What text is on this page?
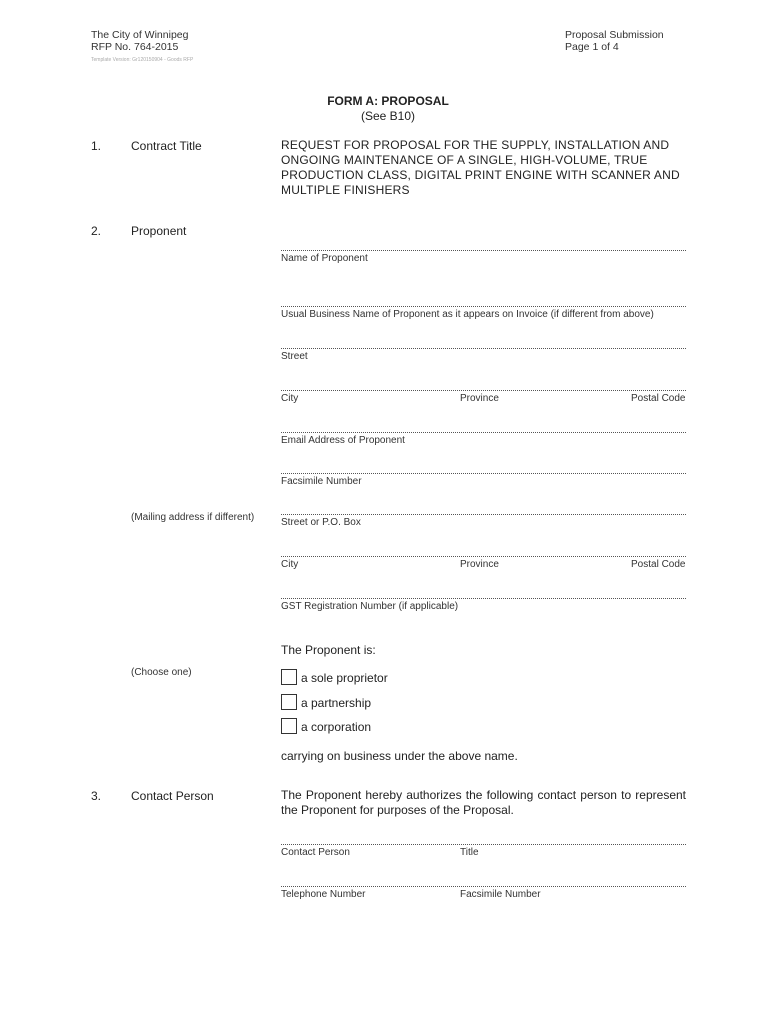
The City of Winnipeg
RFP No. 764-2015
Template Version: Gr120150904 - Goods RFP
Proposal Submission
Page 1 of 4
FORM A: PROPOSAL
(See B10)
1. Contract Title	REQUEST FOR PROPOSAL FOR THE SUPPLY, INSTALLATION AND ONGOING MAINTENANCE OF A SINGLE, HIGH-VOLUME, TRUE PRODUCTION CLASS, DIGITAL PRINT ENGINE WITH SCANNER AND MULTIPLE FINISHERS
2. Proponent
Name of Proponent
Usual Business Name of Proponent as it appears on Invoice (if different from above)
Street
City	Province	Postal Code
Email Address of Proponent
Facsimile Number
(Mailing address if different)	Street or P.O. Box
City	Province	Postal Code
GST Registration Number (if applicable)
The Proponent is:
(Choose one)	a sole proprietor
a partnership
a corporation
carrying on business under the above name.
3. Contact Person	The Proponent hereby authorizes the following contact person to represent the Proponent for purposes of the Proposal.
Contact Person	Title
Telephone Number	Facsimile Number
